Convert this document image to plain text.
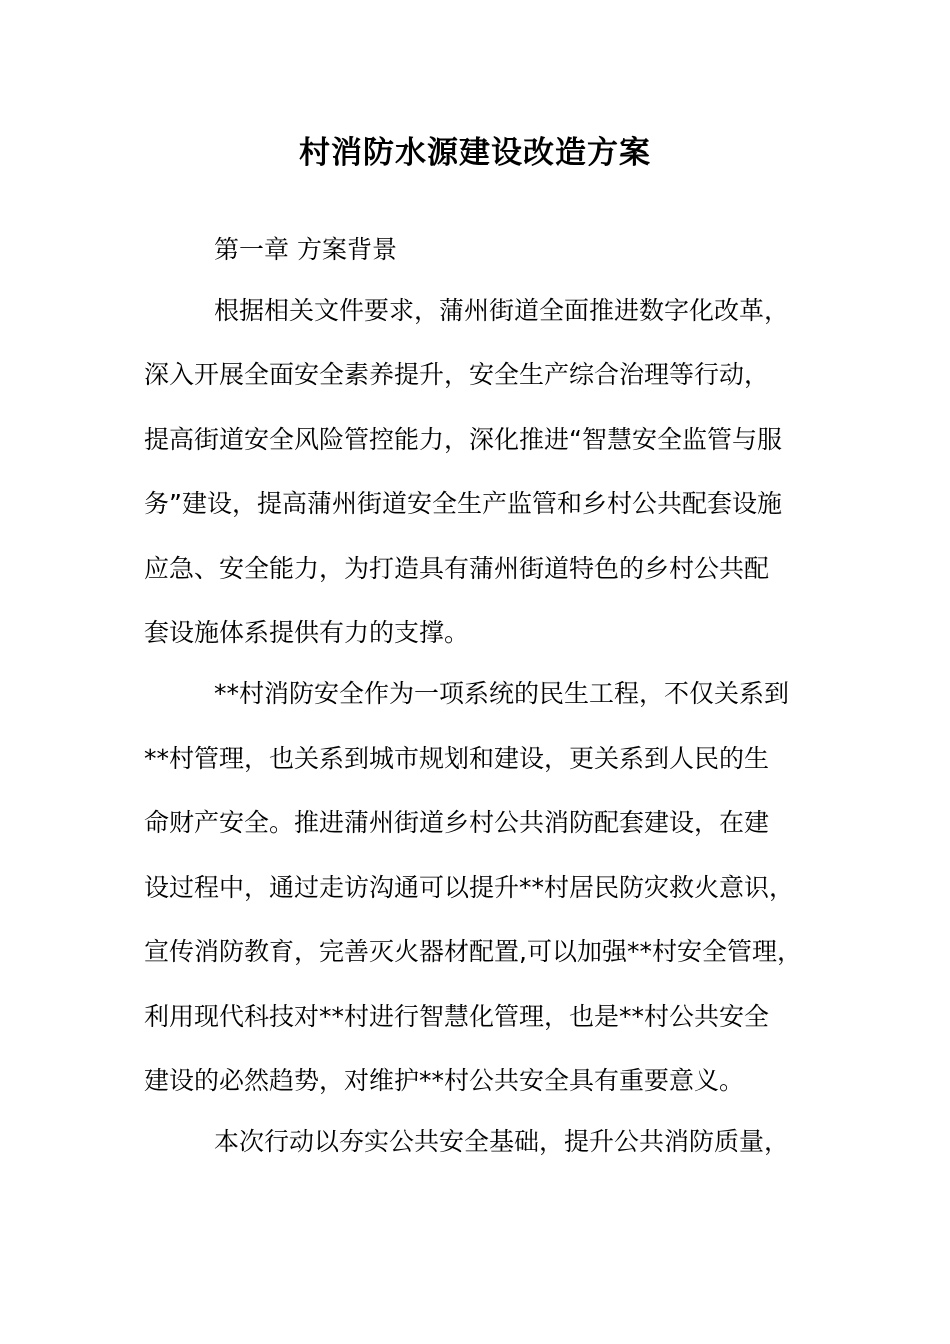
村消防水源建设改造方案
第一章 方案背景
根据相关文件要求，蒲州街道全面推进数字化改革，
深入开展全面安全素养提升，安全生产综合治理等行动，
提高街道安全风险管控能力，深化推进“智慧安全监管与服
务”建设，提高蒲州街道安全生产监管和乡村公共配套设施
应急、安全能力，为打造具有蒲州街道特色的乡村公共配
套设施体系提供有力的支撑。
**村消防安全作为一项系统的民生工程，不仅关系到
**村管理，也关系到城市规划和建设，更关系到人民的生
命财产安全。推进蒲州街道乡村公共消防配套建设，在建
设过程中，通过走访沟通可以提升**村居民防灾救火意识，
宣传消防教育，完善灭火器材配置,可以加强**村安全管理，
利用现代科技对**村进行智慧化管理，也是**村公共安全
建设的必然趋势，对维护**村公共安全具有重要意义。
本次行动以夯实公共安全基础，提升公共消防质量，
